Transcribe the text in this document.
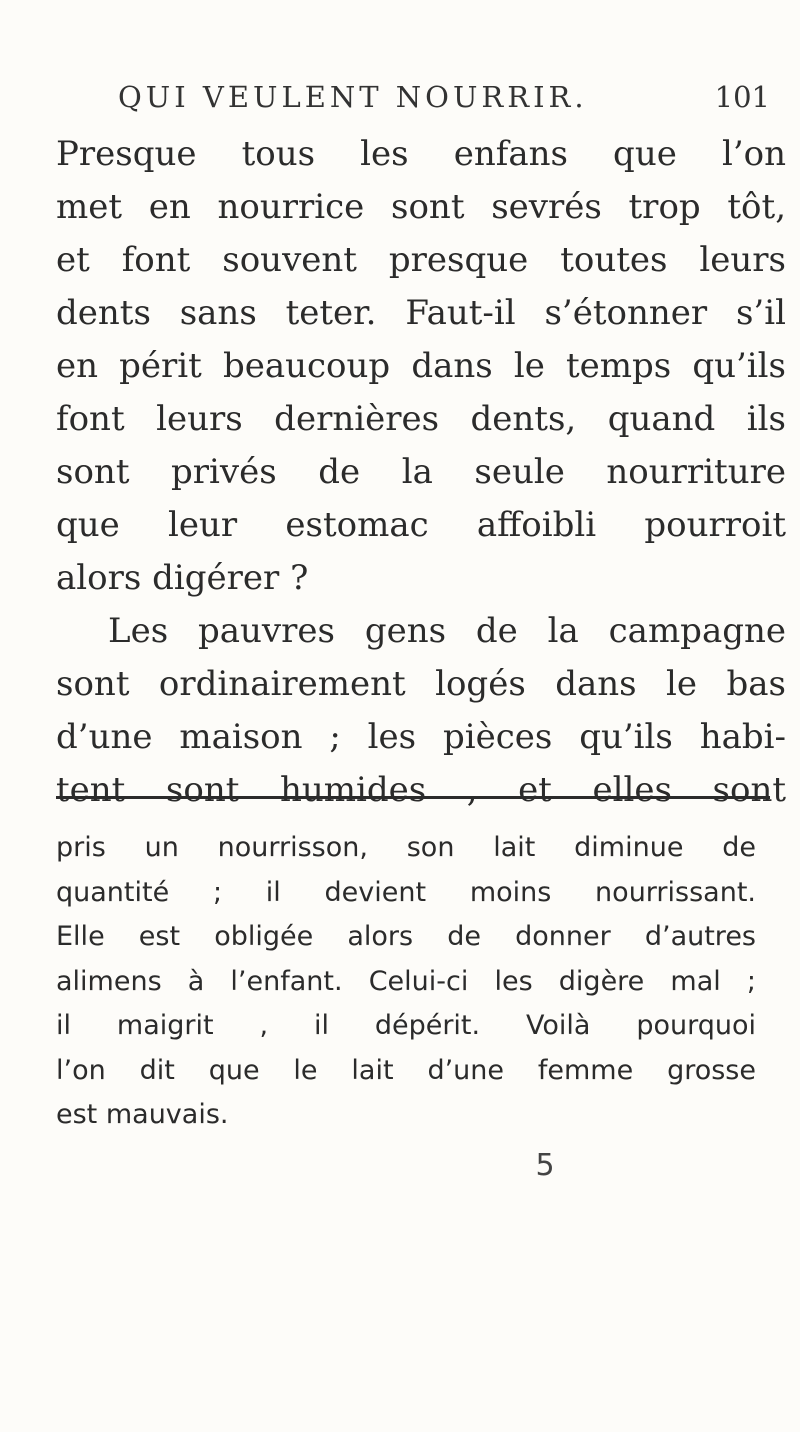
QUI VEULENT NOURRIR.	101
Presque tous les enfans que l’on
met en nourrice sont sevrés trop tôt,
et font souvent presque toutes leurs
dents sans teter. Faut-il s’étonner s’il
en périt beaucoup dans le temps qu’ils
font leurs dernières dents, quand ils
sont privés de la seule nourriture
que leur estomac affoibli pourroit
alors digérer ?
Les pauvres gens de la campagne
sont ordinairement logés dans le bas
d’une maison ; les pièces qu’ils habi-
tent sont humides , et elles sont
pris un nourrisson, son lait diminue de
quantité ; il devient moins nourrissant.
Elle est obligée alors de donner d’autres
alimens à l’enfant. Celui-ci les digère mal ;
il maigrit , il dépérit. Voilà pourquoi
l’on dit que le lait d’une femme grosse
est mauvais.
5
